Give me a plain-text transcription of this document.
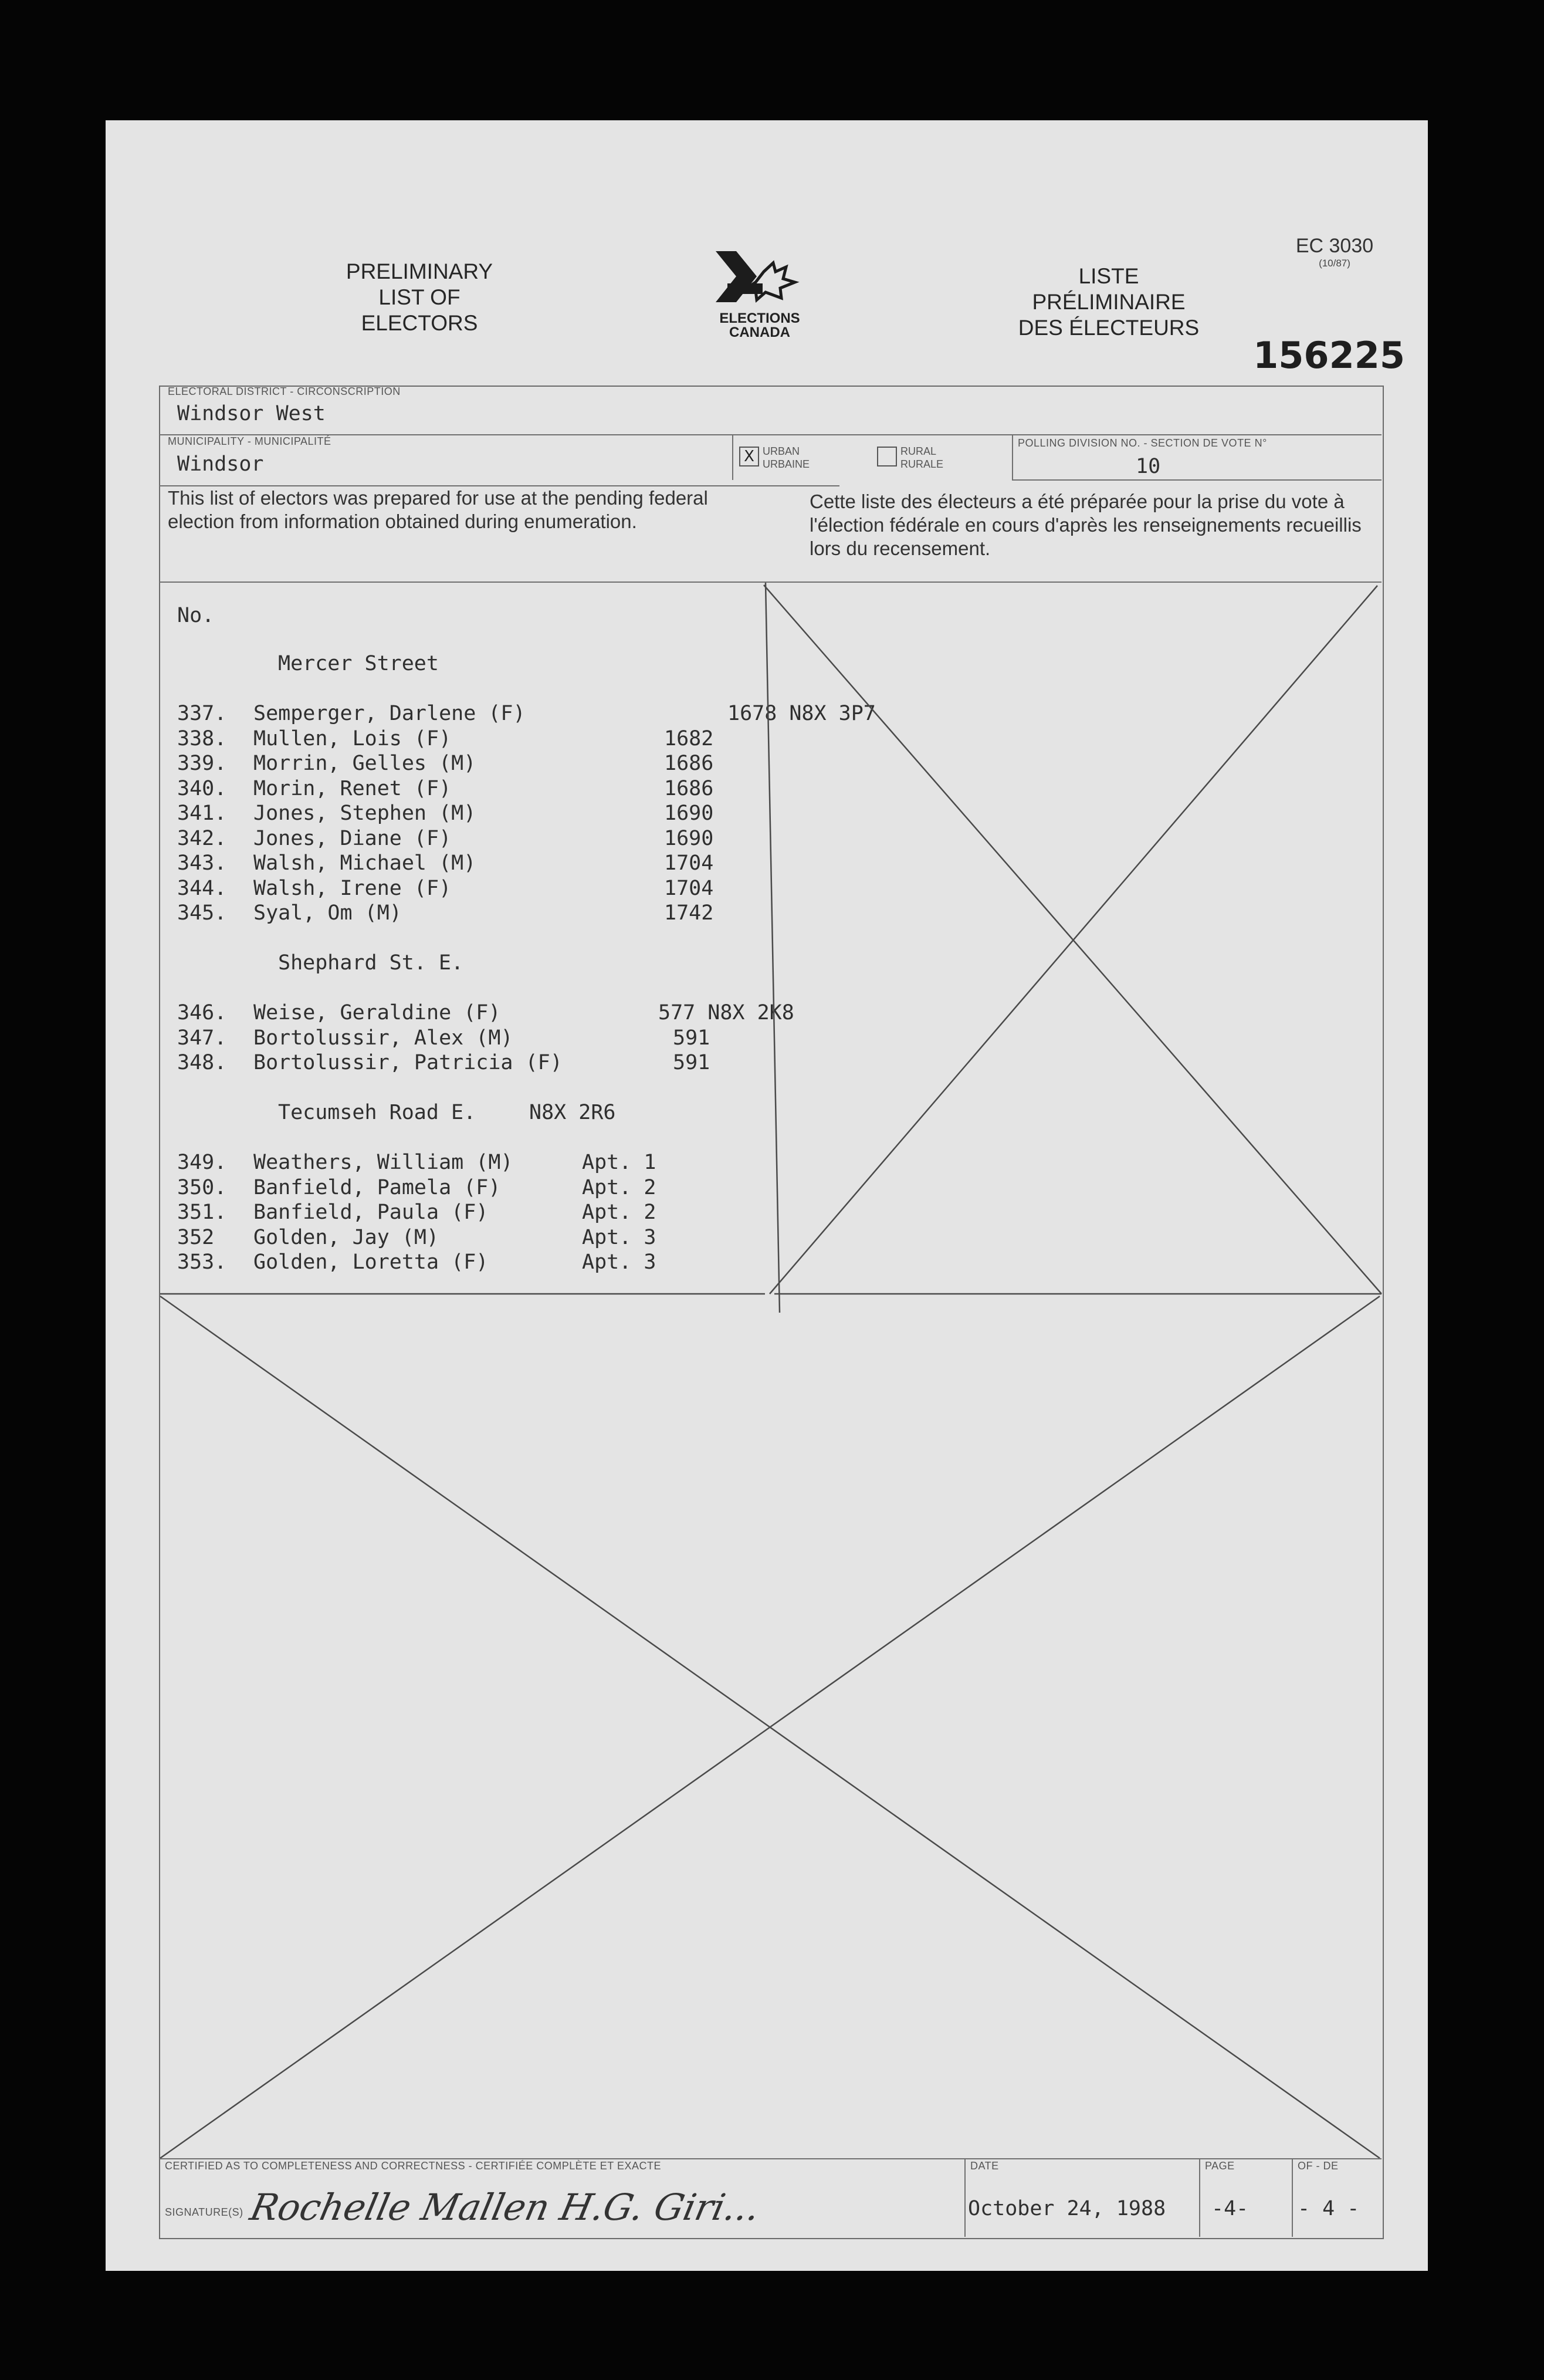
PRELIMINARY
LIST OF
ELECTORS	ELECTIONS
CANADA
LISTE
PRÉLIMINAIRE
DES ÉLECTEURS
EC 3030
(10/87)
156225
ELECTORAL DISTRICT - CIRCONSCRIPTION
Windsor West
MUNICIPALITY - MUNICIPALITÉ
Windsor	X URBAN
URBAINE
RURAL
RURALE
POLLING DIVISION NO. - SECTION DE VOTE N°
10
This list of electors was prepared for use at the pending federal election from information obtained during enumeration.
Cette liste des électeurs a été préparée pour la prise du vote à l'élection fédérale en cours d'après les renseignements recueillis lors du recensement.
No.
Mercer Street
337. Semperger, Darlene (F)	1678 N8X 3P7
338. Mullen, Lois (F)	1682
339. Morrin, Gelles (M)	1686
340. Morin, Renet (F)	1686
341. Jones, Stephen (M)	1690
342. Jones, Diane (F)	1690
343. Walsh, Michael (M)	1704
344. Walsh, Irene (F)	1704
345. Syal, Om (M)	1742
Shephard St. E.
346. Weise, Geraldine (F)	577 N8X 2K8
347. Bortolussir, Alex (M)	591
348. Bortolussir, Patricia (F)	591
Tecumseh Road E.	N8X 2R6
349. Weathers, William (M)	Apt. 1
350. Banfield, Pamela (F)	Apt. 2
351. Banfield, Paula (F)	Apt. 2
352 Golden, Jay (M)	Apt. 3
353. Golden, Loretta (F)	Apt. 3
CERTIFIED AS TO COMPLETENESS AND CORRECTNESS - CERTIFIÉE COMPLÈTE ET EXACTE
SIGNATURE(S) Rochelle Mallen H.G. Giri...
DATE
October 24, 1988
PAGE
-4-
OF - DE
- 4 -
